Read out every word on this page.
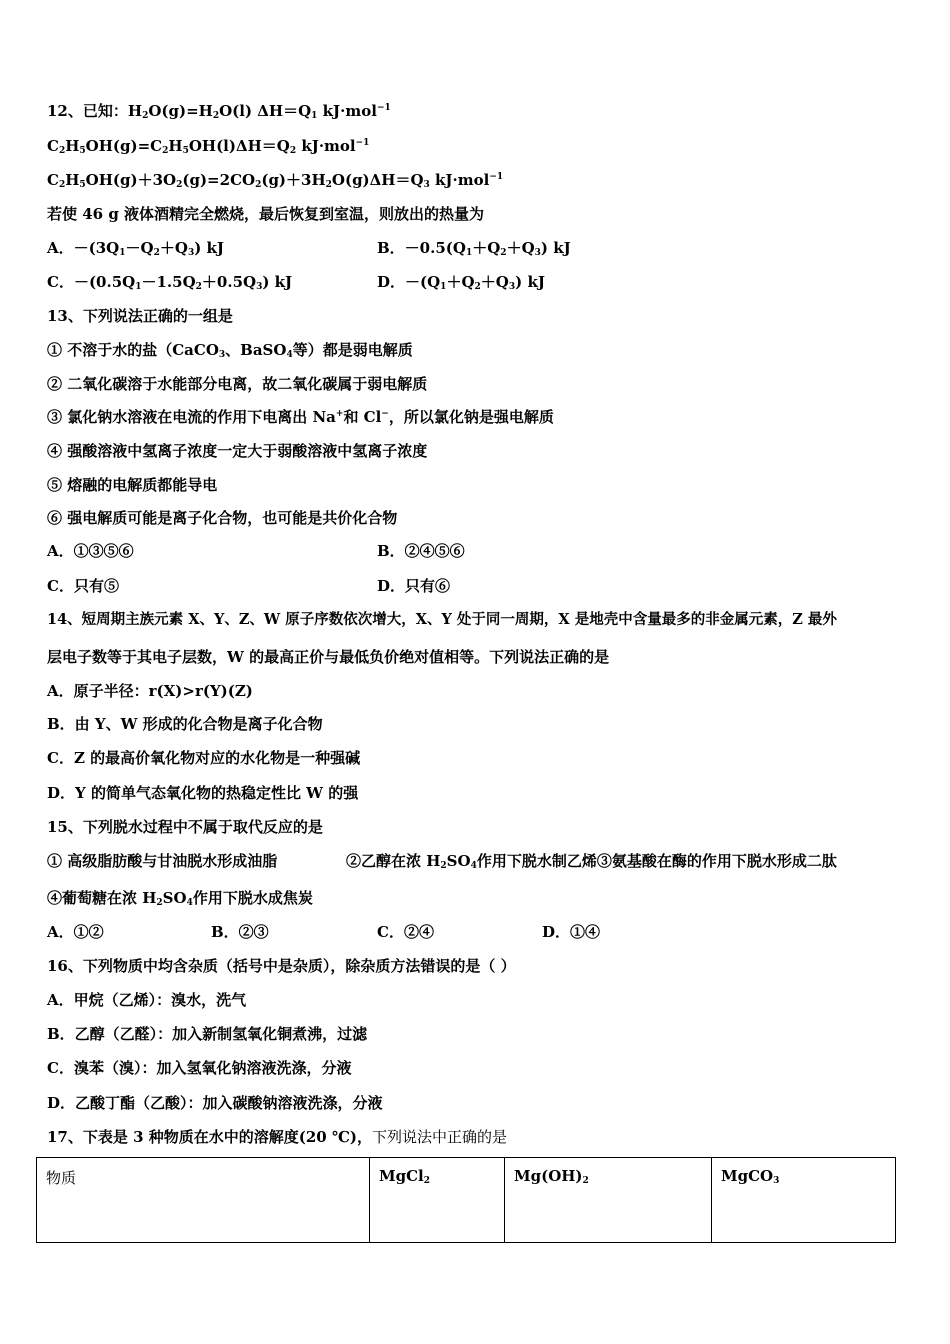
12、已知：$H_2O(g)=H_2O(l)$ $\Delta H=Q_1$ kJ·mol$^{-1}$
$C_2H_5OH(g)=C_2H_5OH(l)\Delta H=Q_2$ kJ·mol$^{-1}$
$C_2H_5OH(g)+3O_2(g)=2CO_2(g)+3H_2O(g)\Delta H=Q_3$ kJ·mol$^{-1}$
若使 46 g 液体酒精完全燃烧，最后恢复到室温，则放出的热量为
A．$-(3Q_1-Q_2+Q_3)$ kJ	B．$-0.5(Q_1+Q_2+Q_3)$ kJ
C．$-(0.5Q_1-1.5Q_2+0.5Q_3)$ kJ	D．$-(Q_1+Q_2+Q_3)$ kJ
13、下列说法正确的一组是
① 不溶于水的盐（CaCO$_3$、BaSO$_4$等）都是弱电解质
② 二氧化碳溶于水能部分电离，故二氧化碳属于弱电解质
③ 氯化钠水溶液在电流的作用下电离出 Na+和 Cl−，所以氯化钠是强电解质
④ 强酸溶液中氢离子浓度一定大于弱酸溶液中氢离子浓度
⑤ 熔融的电解质都能导电
⑥ 强电解质可能是离子化合物，也可能是共价化合物
A．①③⑤⑥	B．②④⑤⑥
C．只有⑤	D．只有⑥
14、短周期主族元素 X、Y、Z、W 原子序数依次增大，X、Y 处于同一周期，X 是地壳中含量最多的非金属元素，Z 最外
层电子数等于其电子层数，W 的最高正价与最低负价绝对值相等。下列说法正确的是
A．原子半径：r(X)>r(Y)(Z)
B．由 Y、W 形成的化合物是离子化合物
C．Z 的最高价氧化物对应的水化物是一种强碱
D．Y 的简单气态氧化物的热稳定性比 W 的强
15、下列脱水过程中不属于取代反应的是
① 高级脂肪酸与甘油脱水形成油脂	②乙醇在浓 $H_2SO_4$作用下脱水制乙烯③氨基酸在酶的作用下脱水形成二肽
④葡萄糖在浓 $H_2SO_4$作用下脱水成焦炭
A．①②	B．②③	C．②④	D．①④
16、下列物质中均含杂质（括号中是杂质），除杂质方法错误的是（ ）
A．甲烷（乙烯）：溴水，洗气
B．乙醇（乙醛）：加入新制氢氧化铜煮沸，过滤
C．溴苯（溴）：加入氢氧化钠溶液洗涤，分液
D．乙酸丁酯（乙酸）：加入碳酸钠溶液洗涤，分液
17、下表是 3 种物质在水中的溶解度(20 ℃)，下列说法中正确的是
物质	MgCl$_2$	$Mg(OH)_2$	MgCO$_3$
